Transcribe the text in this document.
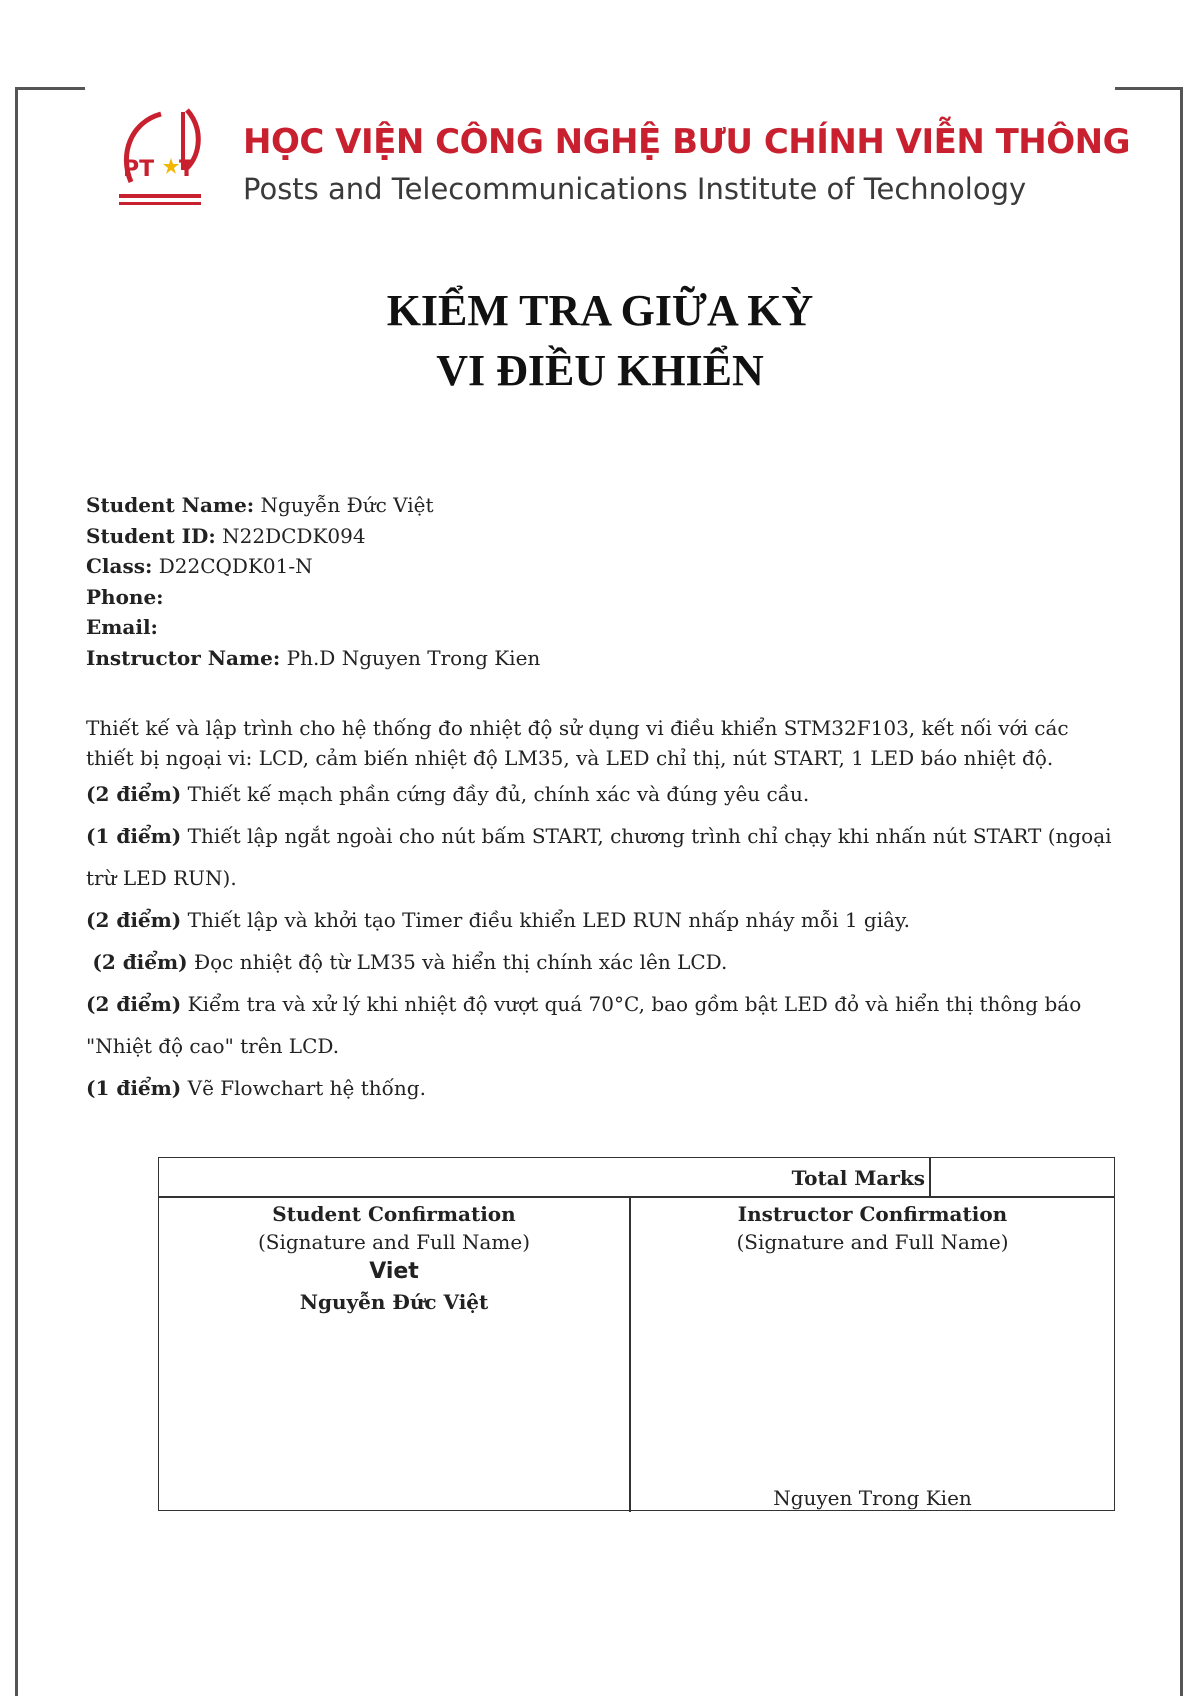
PT T
HỌC VIỆN CÔNG NGHỆ BƯU CHÍNH VIỄN THÔNG
Posts and Telecommunications Institute of Technology
KIỂM TRA GIỮA KỲ
VI ĐIỀU KHIỂN
Student Name: Nguyễn Đức Việt
Student ID: N22DCDK094
Class: D22CQDK01-N
Phone:
Email:
Instructor Name: Ph.D Nguyen Trong Kien

Thiết kế và lập trình cho hệ thống đo nhiệt độ sử dụng vi điều khiển STM32F103, kết nối với các thiết bị ngoại vi: LCD, cảm biến nhiệt độ LM35, và LED chỉ thị, nút START, 1 LED báo nhiệt độ.

(2 điểm) Thiết kế mạch phần cứng đầy đủ, chính xác và đúng yêu cầu.

(1 điểm) Thiết lập ngắt ngoài cho nút bấm START, chương trình chỉ chạy khi nhấn nút START (ngoại trừ LED RUN).

(2 điểm) Thiết lập và khởi tạo Timer điều khiển LED RUN nhấp nháy mỗi 1 giây.

(2 điểm) Đọc nhiệt độ từ LM35 và hiển thị chính xác lên LCD.

(2 điểm) Kiểm tra và xử lý khi nhiệt độ vượt quá 70°C, bao gồm bật LED đỏ và hiển thị thông báo "Nhiệt độ cao" trên LCD.

(1 điểm) Vẽ Flowchart hệ thống.

Total Marks
Student Confirmation
(Signature and Full Name)
Viet
Nguyễn Đức Việt
Instructor Confirmation
(Signature and Full Name)
Nguyen Trong Kien
